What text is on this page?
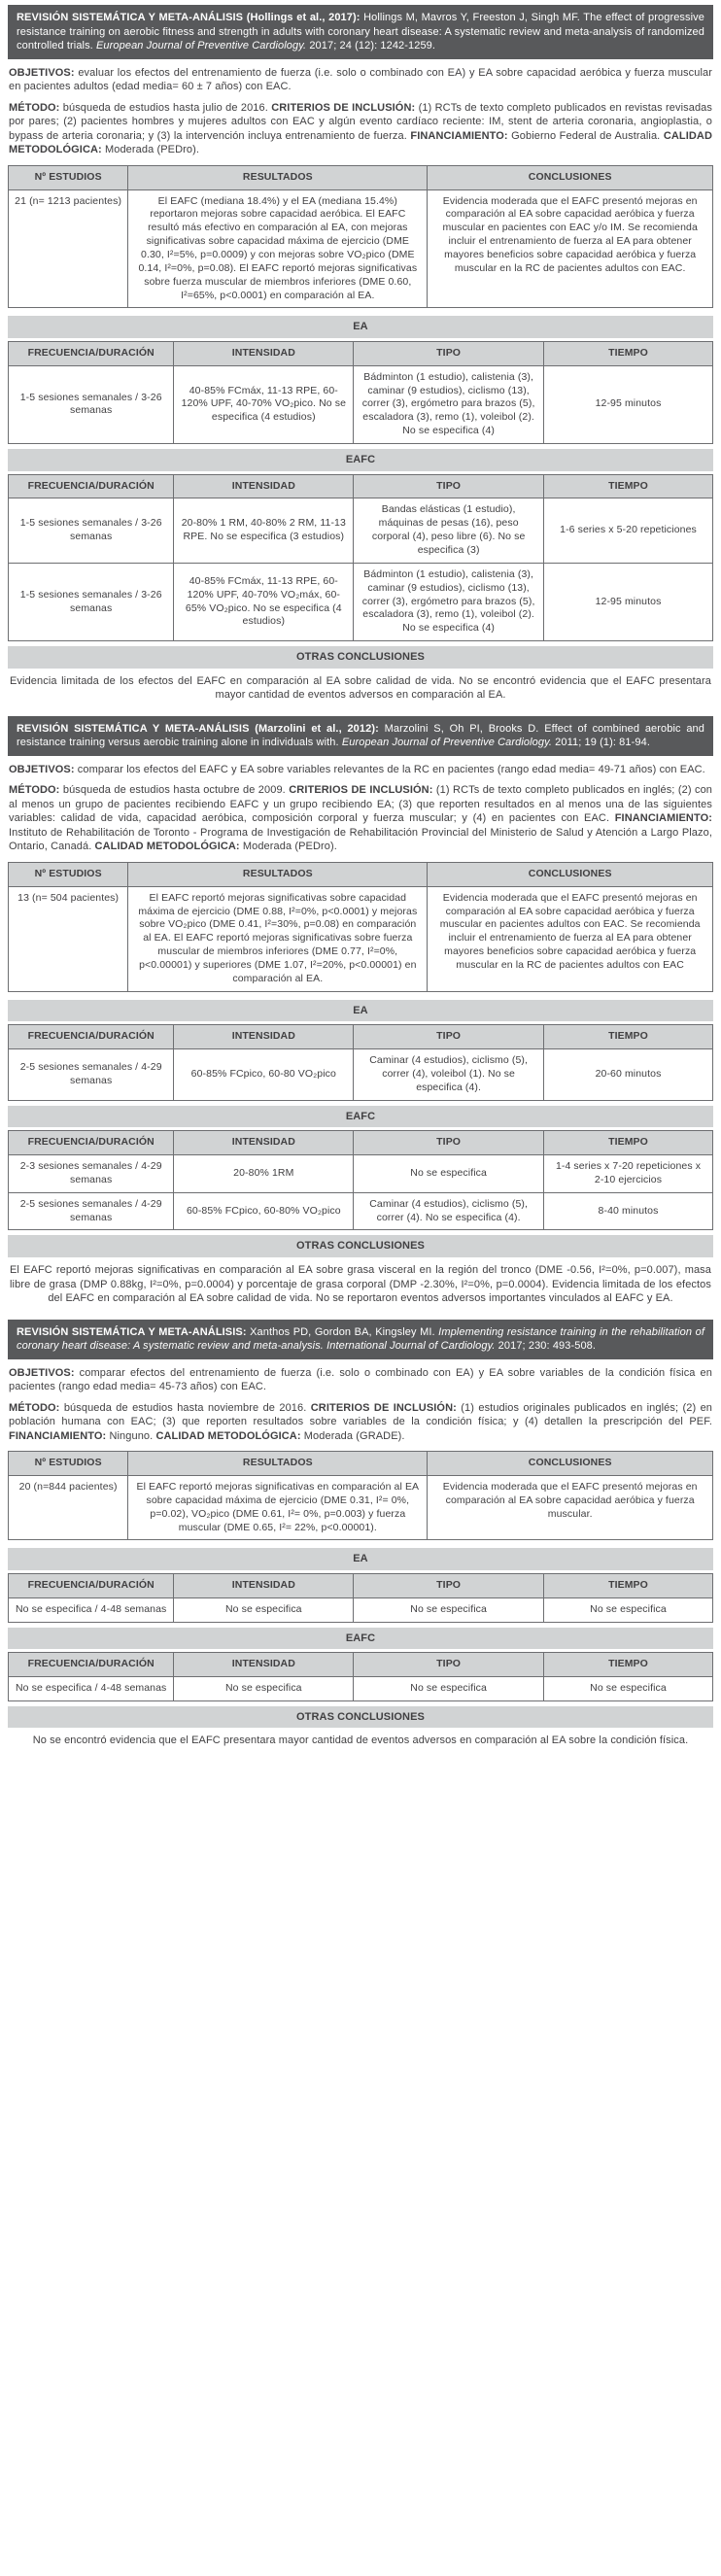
REVISIÓN SISTEMÁTICA Y META-ANÁLISIS (Hollings et al., 2017): Hollings M, Mavros Y, Freeston J, Singh MF. The effect of progressive resistance training on aerobic fitness and strength in adults with coronary heart disease: A systematic review and meta-analysis of randomized controlled trials. European Journal of Preventive Cardiology. 2017; 24 (12): 1242-1259.

OBJETIVOS: evaluar los efectos del entrenamiento de fuerza (i.e. solo o combinado con EA) y EA sobre capacidad aeróbica y fuerza muscular en pacientes adultos (edad media= 60 ± 7 años) con EAC.

MÉTODO: búsqueda de estudios hasta julio de 2016. CRITERIOS DE INCLUSIÓN: (1) RCTs de texto completo publicados en revistas revisadas por pares; (2) pacientes hombres y mujeres adultos con EAC y algún evento cardíaco reciente: IM, stent de arteria coronaria, angioplastia, o bypass de arteria coronaria; y (3) la intervención incluya entrenamiento de fuerza. FINANCIAMIENTO: Gobierno Federal de Australia. CALIDAD METODOLÓGICA: Moderada (PEDro).

Nº ESTUDIOS	RESULTADOS	CONCLUSIONES
21 (n= 1213 pacientes)	El EAFC (mediana 18.4%) y el EA (mediana 15.4%) reportaron mejoras sobre capacidad aeróbica. El EAFC resultó más efectivo en comparación al EA, con mejoras significativas sobre capacidad máxima de ejercicio (DME 0.30, I²=5%, p=0.0009) y con mejoras sobre VO₂pico (DME 0.14, I²=0%, p=0.08). El EAFC reportó mejoras significativas sobre fuerza muscular de miembros inferiores (DME 0.60, I²=65%, p<0.0001) en comparación al EA.	Evidencia moderada que el EAFC presentó mejoras en comparación al EA sobre capacidad aeróbica y fuerza muscular en pacientes con EAC y/o IM. Se recomienda incluir el entrenamiento de fuerza al EA para obtener mayores beneficios sobre capacidad aeróbica y fuerza muscular en la RC de pacientes adultos con EAC.
EA
FRECUENCIA/DURACIÓN	INTENSIDAD	TIPO	TIEMPO
1-5 sesiones semanales / 3-26 semanas	40-85% FCmáx, 11-13 RPE, 60-120% UPF, 40-70% VO₂pico. No se especifica (4 estudios)	Bádminton (1 estudio), calistenia (3), caminar (9 estudios), ciclismo (13), correr (3), ergómetro para brazos (5), escaladora (3), remo (1), voleibol (2). No se especifica (4)	12-95 minutos
EAFC
FRECUENCIA/DURACIÓN	INTENSIDAD	TIPO	TIEMPO
1-5 sesiones semanales / 3-26 semanas	20-80% 1 RM, 40-80% 2 RM, 11-13 RPE. No se especifica (3 estudios)	Bandas elásticas (1 estudio), máquinas de pesas (16), peso corporal (4), peso libre (6). No se especifica (3)	1-6 series x 5-20 repeticiones
1-5 sesiones semanales / 3-26 semanas	40-85% FCmáx, 11-13 RPE, 60-120% UPF, 40-70% VO₂máx, 60-65% VO₂pico. No se especifica (4 estudios)	Bádminton (1 estudio), calistenia (3), caminar (9 estudios), ciclismo (13), correr (3), ergómetro para brazos (5), escaladora (3), remo (1), voleibol (2). No se especifica (4)	12-95 minutos
OTRAS CONCLUSIONES

Evidencia limitada de los efectos del EAFC en comparación al EA sobre calidad de vida. No se encontró evidencia que el EAFC presentara mayor cantidad de eventos adversos en comparación al EA.

REVISIÓN SISTEMÁTICA Y META-ANÁLISIS (Marzolini et al., 2012): Marzolini S, Oh PI, Brooks D. Effect of combined aerobic and resistance training versus aerobic training alone in individuals with. European Journal of Preventive Cardiology. 2011; 19 (1): 81-94.

OBJETIVOS: comparar los efectos del EAFC y EA sobre variables relevantes de la RC en pacientes (rango edad media= 49-71 años) con EAC.

MÉTODO: búsqueda de estudios hasta octubre de 2009. CRITERIOS DE INCLUSIÓN: (1) RCTs de texto completo publicados en inglés; (2) con al menos un grupo de pacientes recibiendo EAFC y un grupo recibiendo EA; (3) que reporten resultados en al menos una de las siguientes variables: calidad de vida, capacidad aeróbica, composición corporal y fuerza muscular; y (4) en pacientes con EAC. FINANCIAMIENTO: Instituto de Rehabilitación de Toronto - Programa de Investigación de Rehabilitación Provincial del Ministerio de Salud y Atención a Largo Plazo, Ontario, Canadá. CALIDAD METODOLÓGICA: Moderada (PEDro).

Nº ESTUDIOS	RESULTADOS	CONCLUSIONES
13 (n= 504 pacientes)	El EAFC reportó mejoras significativas sobre capacidad máxima de ejercicio (DME 0.88, I²=0%, p<0.0001) y mejoras sobre VO₂pico (DME 0.41, I²=30%, p=0.08) en comparación al EA. El EAFC reportó mejoras significativas sobre fuerza muscular de miembros inferiores (DME 0.77, I²=0%, p<0.00001) y superiores (DME 1.07, I²=20%, p<0.00001) en comparación al EA.	Evidencia moderada que el EAFC presentó mejoras en comparación al EA sobre capacidad aeróbica y fuerza muscular en pacientes adultos con EAC. Se recomienda incluir el entrenamiento de fuerza al EA para obtener mayores beneficios sobre capacidad aeróbica y fuerza muscular en la RC de pacientes adultos con EAC
EA
FRECUENCIA/DURACIÓN	INTENSIDAD	TIPO	TIEMPO
2-5 sesiones semanales / 4-29 semanas	60-85% FCpico, 60-80 VO₂pico	Caminar (4 estudios), ciclismo (5), correr (4), voleibol (1). No se especifica (4).	20-60 minutos
EAFC
FRECUENCIA/DURACIÓN	INTENSIDAD	TIPO	TIEMPO
2-3 sesiones semanales / 4-29 semanas	20-80% 1RM	No se especifica	1-4 series x 7-20 repeticiones x 2-10 ejercicios
2-5 sesiones semanales / 4-29 semanas	60-85% FCpico, 60-80% VO₂pico	Caminar (4 estudios), ciclismo (5), correr (4). No se especifica (4).	8-40 minutos
OTRAS CONCLUSIONES

El EAFC reportó mejoras significativas en comparación al EA sobre grasa visceral en la región del tronco (DME -0.56, I²=0%, p=0.007), masa libre de grasa (DMP 0.88kg, I²=0%, p=0.0004) y porcentaje de grasa corporal (DMP -2.30%, I²=0%, p=0.0004). Evidencia limitada de los efectos del EAFC en comparación al EA sobre calidad de vida. No se reportaron eventos adversos importantes vinculados al EAFC y EA.

REVISIÓN SISTEMÁTICA Y META-ANÁLISIS: Xanthos PD, Gordon BA, Kingsley MI. Implementing resistance training in the rehabilitation of coronary heart disease: A systematic review and meta-analysis. International Journal of Cardiology. 2017; 230: 493-508.

OBJETIVOS: comparar efectos del entrenamiento de fuerza (i.e. solo o combinado con EA) y EA sobre variables de la condición física en pacientes (rango edad media= 45-73 años) con EAC.

MÉTODO: búsqueda de estudios hasta noviembre de 2016. CRITERIOS DE INCLUSIÓN: (1) estudios originales publicados en inglés; (2) en población humana con EAC; (3) que reporten resultados sobre variables de la condición física; y (4) detallen la prescripción del PEF. FINANCIAMIENTO: Ninguno. CALIDAD METODOLÓGICA: Moderada (GRADE).

Nº ESTUDIOS	RESULTADOS	CONCLUSIONES
20 (n=844 pacientes)	El EAFC reportó mejoras significativas en comparación al EA sobre capacidad máxima de ejercicio (DME 0.31, I²= 0%, p=0.02), VO₂pico (DME 0.61, I²= 0%, p=0.003) y fuerza muscular (DME 0.65, I²= 22%, p<0.00001).	Evidencia moderada que el EAFC presentó mejoras en comparación al EA sobre capacidad aeróbica y fuerza muscular.
EA
FRECUENCIA/DURACIÓN	INTENSIDAD	TIPO	TIEMPO
No se especifica / 4-48 semanas	No se especifica	No se especifica	No se especifica
EAFC
FRECUENCIA/DURACIÓN	INTENSIDAD	TIPO	TIEMPO
No se especifica / 4-48 semanas	No se especifica	No se especifica	No se especifica
OTRAS CONCLUSIONES

No se encontró evidencia que el EAFC presentara mayor cantidad de eventos adversos en comparación al EA sobre la condición física.
